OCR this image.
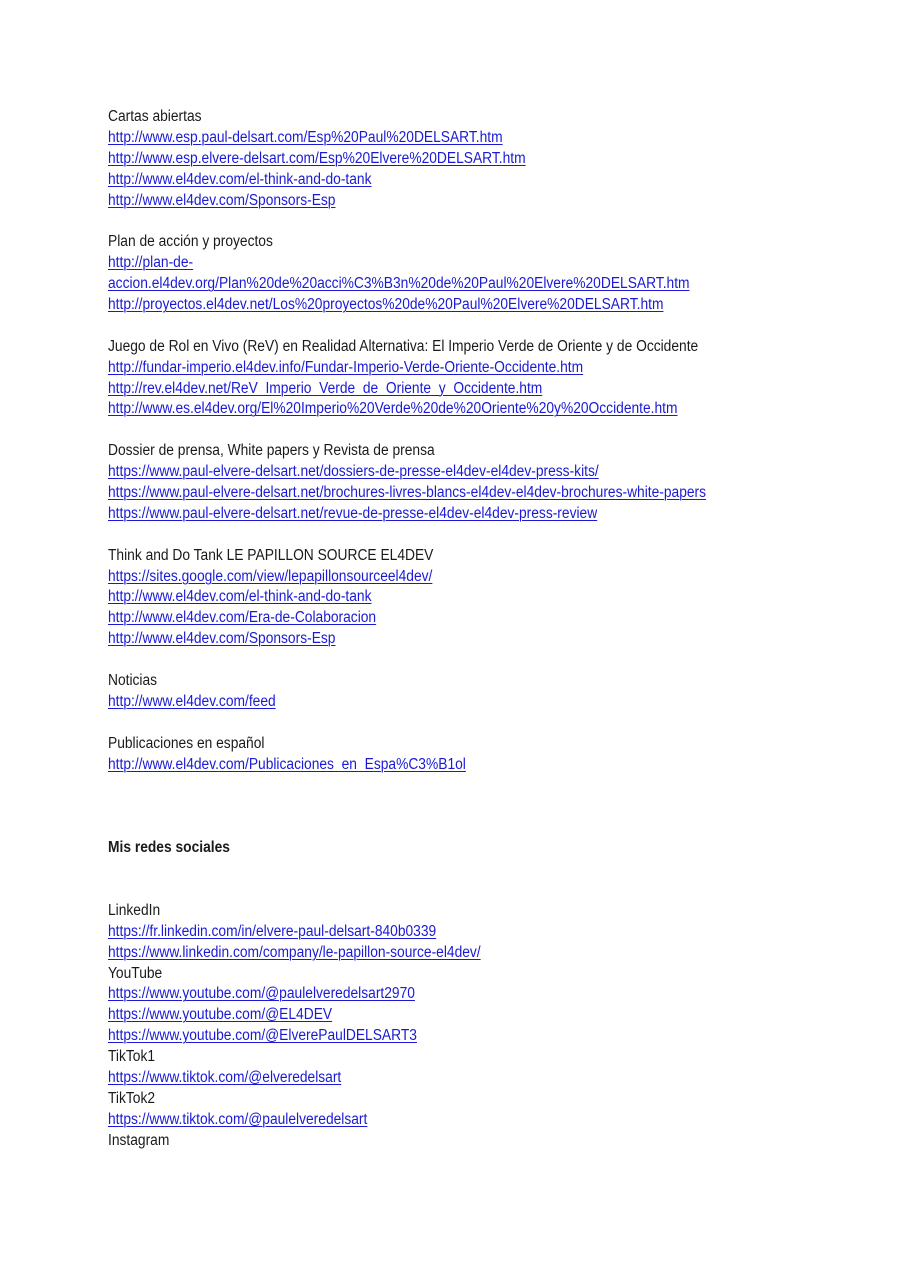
Cartas abiertas
http://www.esp.paul-delsart.com/Esp%20Paul%20DELSART.htm
http://www.esp.elvere-delsart.com/Esp%20Elvere%20DELSART.htm
http://www.el4dev.com/el-think-and-do-tank
http://www.el4dev.com/Sponsors-Esp
Plan de acción y proyectos
http://plan-de-
accion.el4dev.org/Plan%20de%20acci%C3%B3n%20de%20Paul%20Elvere%20DELSART.htm
http://proyectos.el4dev.net/Los%20proyectos%20de%20Paul%20Elvere%20DELSART.htm
Juego de Rol en Vivo (ReV) en Realidad Alternativa: El Imperio Verde de Oriente y de Occidente
http://fundar-imperio.el4dev.info/Fundar-Imperio-Verde-Oriente-Occidente.htm
http://rev.el4dev.net/ReV_Imperio_Verde_de_Oriente_y_Occidente.htm
http://www.es.el4dev.org/El%20Imperio%20Verde%20de%20Oriente%20y%20Occidente.htm
Dossier de prensa, White papers y Revista de prensa
https://www.paul-elvere-delsart.net/dossiers-de-presse-el4dev-el4dev-press-kits/
https://www.paul-elvere-delsart.net/brochures-livres-blancs-el4dev-el4dev-brochures-white-papers
https://www.paul-elvere-delsart.net/revue-de-presse-el4dev-el4dev-press-review
Think and Do Tank LE PAPILLON SOURCE EL4DEV
https://sites.google.com/view/lepapillonsourceel4dev/
http://www.el4dev.com/el-think-and-do-tank
http://www.el4dev.com/Era-de-Colaboracion
http://www.el4dev.com/Sponsors-Esp
Noticias
http://www.el4dev.com/feed
Publicaciones en español
http://www.el4dev.com/Publicaciones_en_Espa%C3%B1ol
Mis redes sociales
LinkedIn
https://fr.linkedin.com/in/elvere-paul-delsart-840b0339
https://www.linkedin.com/company/le-papillon-source-el4dev/
YouTube
https://www.youtube.com/@paulelveredelsart2970
https://www.youtube.com/@EL4DEV
https://www.youtube.com/@ElverePaulDELSART3
TikTok1
https://www.tiktok.com/@elveredelsart
TikTok2
https://www.tiktok.com/@paulelveredelsart
Instagram
